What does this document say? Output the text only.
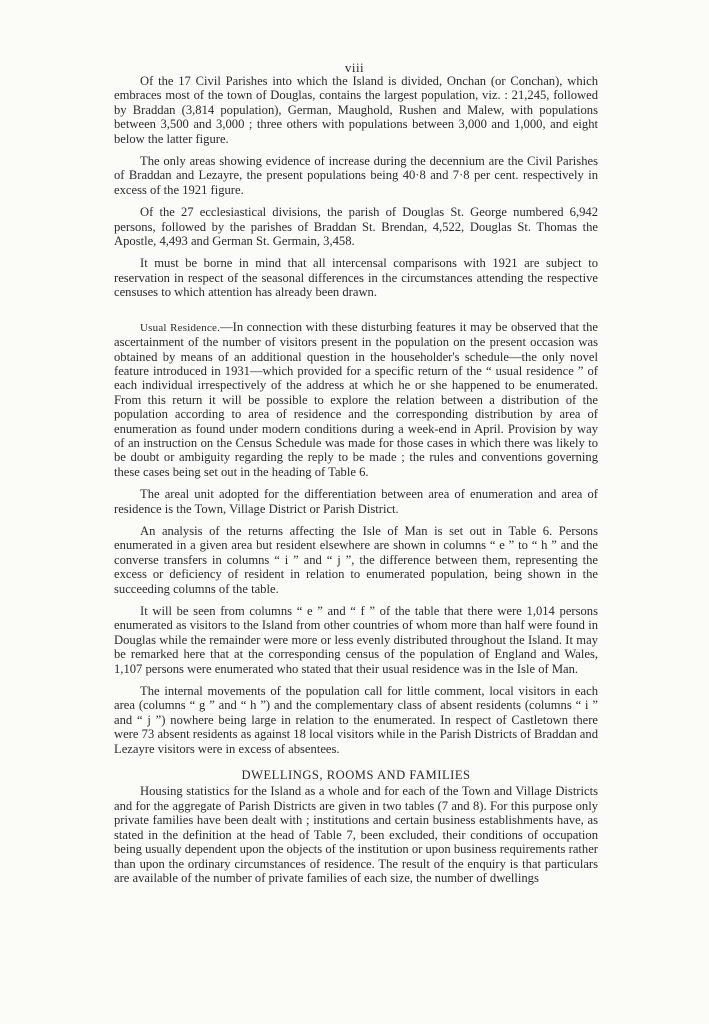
viii

Of the 17 Civil Parishes into which the Island is divided, Onchan (or Conchan), which embraces most of the town of Douglas, contains the largest population, viz. : 21,245, followed by Braddan (3,814 population), German, Maughold, Rushen and Malew, with populations between 3,500 and 3,000 ; three others with populations between 3,000 and 1,000, and eight below the latter figure.

The only areas showing evidence of increase during the decennium are the Civil Parishes of Braddan and Lezayre, the present populations being 40·8 and 7·8 per cent. respectively in excess of the 1921 figure.

Of the 27 ecclesiastical divisions, the parish of Douglas St. George numbered 6,942 persons, followed by the parishes of Braddan St. Brendan, 4,522, Douglas St. Thomas the Apostle, 4,493 and German St. Germain, 3,458.

It must be borne in mind that all intercensal comparisons with 1921 are subject to reservation in respect of the seasonal differences in the circumstances attending the respective censuses to which attention has already been drawn.

Usual Residence.—In connection with these disturbing features it may be observed that the ascertainment of the number of visitors present in the population on the present occasion was obtained by means of an additional question in the householder's schedule—the only novel feature introduced in 1931—which provided for a specific return of the “ usual residence ” of each individual irrespectively of the address at which he or she happened to be enumerated. From this return it will be possible to explore the relation between a distribution of the population according to area of residence and the corresponding distribution by area of enumeration as found under modern conditions during a week-end in April. Provision by way of an instruction on the Census Schedule was made for those cases in which there was likely to be doubt or ambiguity regarding the reply to be made ; the rules and conventions governing these cases being set out in the heading of Table 6.

The areal unit adopted for the differentiation between area of enumeration and area of residence is the Town, Village District or Parish District.

An analysis of the returns affecting the Isle of Man is set out in Table 6. Persons enumerated in a given area but resident elsewhere are shown in columns “ e ” to “ h ” and the converse transfers in columns “ i ” and “ j ”, the difference between them, representing the excess or deficiency of resident in relation to enumerated population, being shown in the succeeding columns of the table.

It will be seen from columns “ e ” and “ f ” of the table that there were 1,014 persons enumerated as visitors to the Island from other countries of whom more than half were found in Douglas while the remainder were more or less evenly distributed throughout the Island. It may be remarked here that at the corresponding census of the population of England and Wales, 1,107 persons were enumerated who stated that their usual residence was in the Isle of Man.

The internal movements of the population call for little comment, local visitors in each area (columns “ g ” and “ h ”) and the complementary class of absent residents (columns “ i ” and “ j ”) nowhere being large in relation to the enumerated. In respect of Castletown there were 73 absent residents as against 18 local visitors while in the Parish Districts of Braddan and Lezayre visitors were in excess of absentees.

DWELLINGS, ROOMS AND FAMILIES

Housing statistics for the Island as a whole and for each of the Town and Village Districts and for the aggregate of Parish Districts are given in two tables (7 and 8). For this purpose only private families have been dealt with ; institutions and certain business establishments have, as stated in the definition at the head of Table 7, been excluded, their conditions of occupation being usually dependent upon the objects of the institution or upon business requirements rather than upon the ordinary circumstances of residence. The result of the enquiry is that particulars are available of the number of private families of each size, the number of dwellings
